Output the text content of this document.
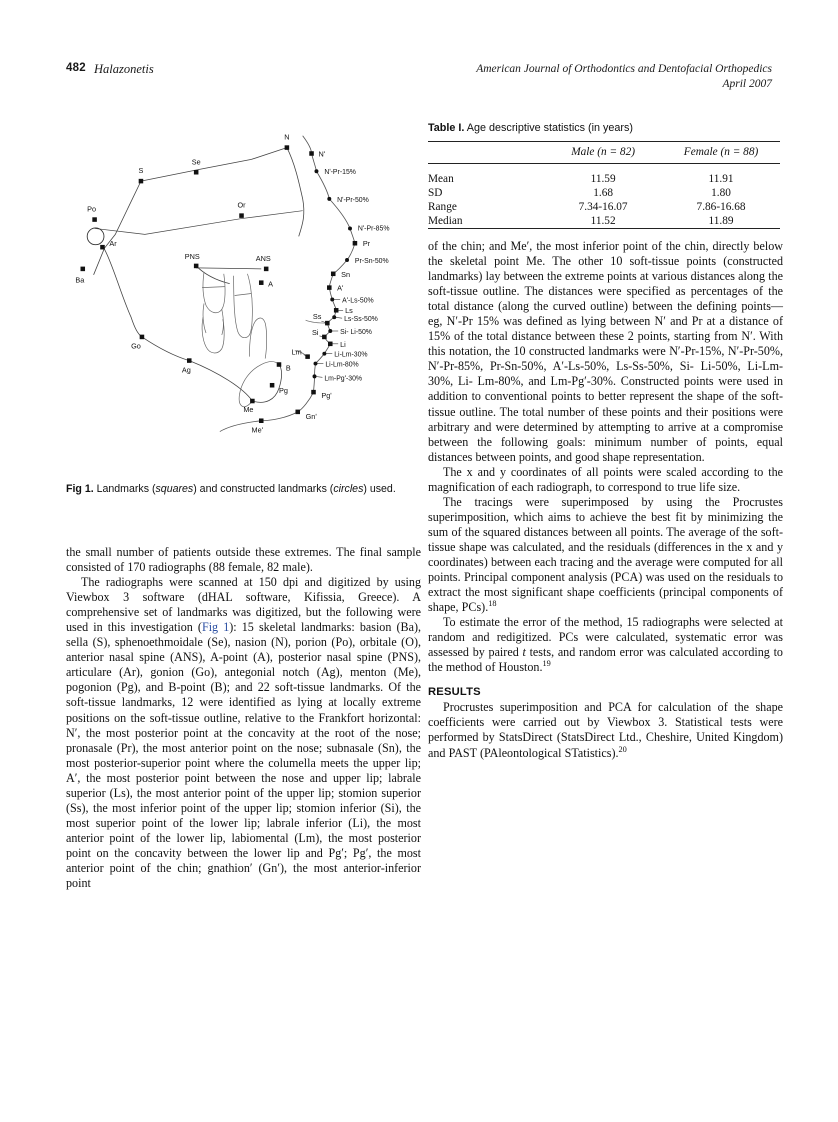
482 Halazonetis	American Journal of Orthodontics and Dentofacial Orthopedics
April 2007
N
Se
S
Po	Or
Ar
Ba
PNS	ANS
A
Go
Ag	B
Pg
Me
Nʹ
Nʹ-Pr-15%
Nʹ-Pr-50%
Nʹ-Pr-85%
Pr
Pr-Sn-50%
Sn
Aʹ
Aʹ-Ls-50%
Ls
Ls-Ss-50%
Ss
Si- Li-50%
Si
Li
Li-Lm-30%
Li-Lm-80%
Lm
Lm-Pgʹ-30%
Pgʹ
Gnʹ
Meʹ
Fig 1. Landmarks (squares) and constructed landmarks (circles) used.

the small number of patients outside these extremes. The final sample consisted of 170 radiographs (88 female, 82 male).

The radiographs were scanned at 150 dpi and digitized by using Viewbox 3 software (dHAL software, Kifissia, Greece). A comprehensive set of landmarks was digitized, but the following were used in this investigation (Fig 1): 15 skeletal landmarks: basion (Ba), sella (S), sphenoethmoidale (Se), nasion (N), porion (Po), orbitale (O), anterior nasal spine (ANS), A-point (A), posterior nasal spine (PNS), articulare (Ar), gonion (Go), antegonial notch (Ag), menton (Me), pogonion (Pg), and B-point (B); and 22 soft-tissue landmarks. Of the soft-tissue landmarks, 12 were identified as lying at locally extreme positions on the soft-tissue outline, relative to the Frankfort horizontal: Nʹ, the most posterior point at the concavity at the root of the nose; pronasale (Pr), the most anterior point on the nose; subnasale (Sn), the most posterior-superior point where the columella meets the upper lip; Aʹ, the most posterior point between the nose and upper lip; labrale superior (Ls), the most anterior point of the upper lip; stomion superior (Ss), the most inferior point of the upper lip; stomion inferior (Si), the most superior point of the lower lip; labrale inferior (Li), the most anterior point of the lower lip, labiomental (Lm), the most posterior point on the concavity between the lower lip and Pgʹ; Pgʹ, the most anterior point of the chin; gnathionʹ (Gnʹ), the most anterior-inferior point

Table I. Age descriptive statistics (in years)
	Male (n = 82)	Female (n = 88)

Mean	11.59	11.91
SD	1.68	1.80
Range	7.34-16.07	7.86-16.68
Median	11.52	11.89

of the chin; and Meʹ, the most inferior point of the chin, directly below the skeletal point Me. The other 10 soft-tissue points (constructed landmarks) lay between the extreme points at various distances along the soft-tissue outline. The distances were specified as percentages of the total distance (along the curved outline) between the defining points—eg, Nʹ-Pr 15% was defined as lying between Nʹ and Pr at a distance of 15% of the total distance between these 2 points, starting from Nʹ. With this notation, the 10 constructed landmarks were Nʹ-Pr-15%, Nʹ-Pr-50%, Nʹ-Pr-85%, Pr-Sn-50%, Aʹ-Ls-50%, Ls-Ss-50%, Si- Li-50%, Li-Lm-30%, Li- Lm-80%, and Lm-Pgʹ-30%. Constructed points were used in addition to conventional points to better represent the shape of the soft-tissue outline. The total number of these points and their positions were arbitrary and were determined by attempting to arrive at a compromise between the following goals: minimum number of points, equal distances between points, and good shape representation.

The x and y coordinates of all points were scaled according to the magnification of each radiograph, to correspond to true life size.

The tracings were superimposed by using the Procrustes superimposition, which aims to achieve the best fit by minimizing the sum of the squared distances between all points. The average of the soft-tissue shape was calculated, and the residuals (differences in the x and y coordinates) between each tracing and the average were computed for all points. Principal component analysis (PCA) was used on the residuals to extract the most significant shape coefficients (principal components of shape, PCs).$^{18}$

To estimate the error of the method, 15 radiographs were selected at random and redigitized. PCs were calculated, systematic error was assessed by paired t tests, and random error was calculated according to the method of Houston.$^{19}$

RESULTS

Procrustes superimposition and PCA for calculation of the shape coefficients were carried out by Viewbox 3. Statistical tests were performed by StatsDirect (StatsDirect Ltd., Cheshire, United Kingdom) and PAST (PAleontological STatistics).$^{20}$
